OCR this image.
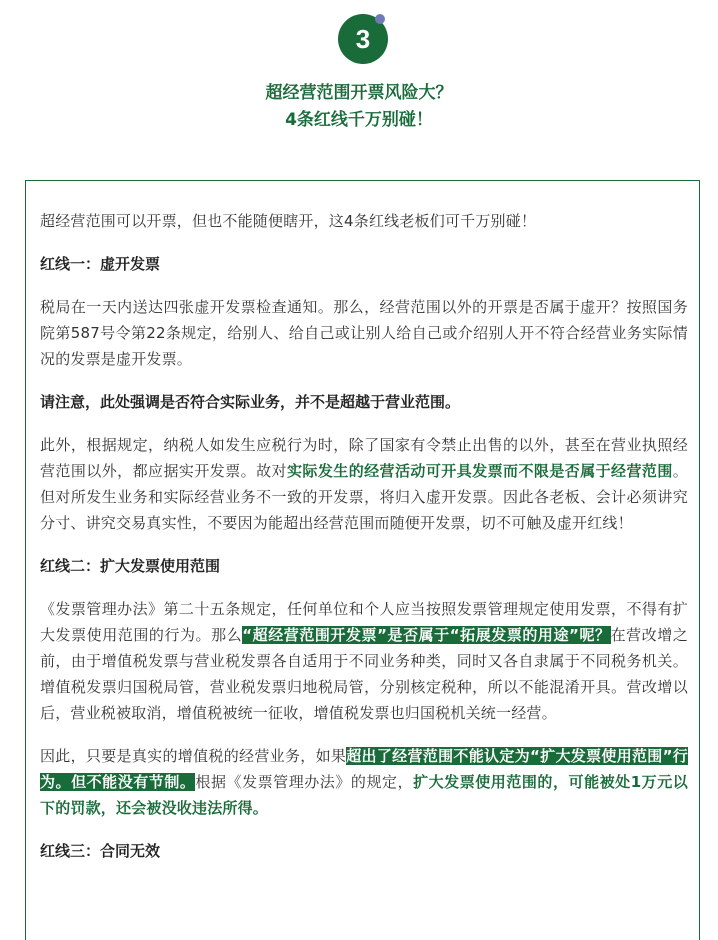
3
超经营范围开票风险大？
4条红线千万别碰！

超经营范围可以开票，但也不能随便瞎开，这4条红线老板们可千万别碰！

红线一：虚开发票

税局在一天内送达四张虚开发票检查通知。那么，经营范围以外的开票是否属于虚开？按照国务院第587号令第22条规定，给别人、给自己或让别人给自己或介绍别人开不符合经营业务实际情况的发票是虚开发票。

请注意，此处强调是否符合实际业务，并不是超越于营业范围。

此外，根据规定，纳税人如发生应税行为时，除了国家有令禁止出售的以外，甚至在营业执照经营范围以外，都应据实开发票。故对实际发生的经营活动可开具发票而不限是否属于经营范围。但对所发生业务和实际经营业务不一致的开发票，将归入虚开发票。因此各老板、会计必须讲究分寸、讲究交易真实性，不要因为能超出经营范围而随便开发票，切不可触及虚开红线！

红线二：扩大发票使用范围

《发票管理办法》第二十五条规定，任何单位和个人应当按照发票管理规定使用发票，不得有扩大发票使用范围的行为。那么“超经营范围开发票”是否属于“拓展发票的用途”呢？在营改增之前，由于增值税发票与营业税发票各自适用于不同业务种类，同时又各自隶属于不同税务机关。增值税发票归国税局管，营业税发票归地税局管，分别核定税种，所以不能混淆开具。营改增以后，营业税被取消，增值税被统一征收，增值税发票也归国税机关统一经营。

因此，只要是真实的增值税的经营业务，如果超出了经营范围不能认定为“扩大发票使用范围”行为。但不能没有节制。根据《发票管理办法》的规定，扩大发票使用范围的，可能被处1万元以下的罚款，还会被没收违法所得。

红线三：合同无效
